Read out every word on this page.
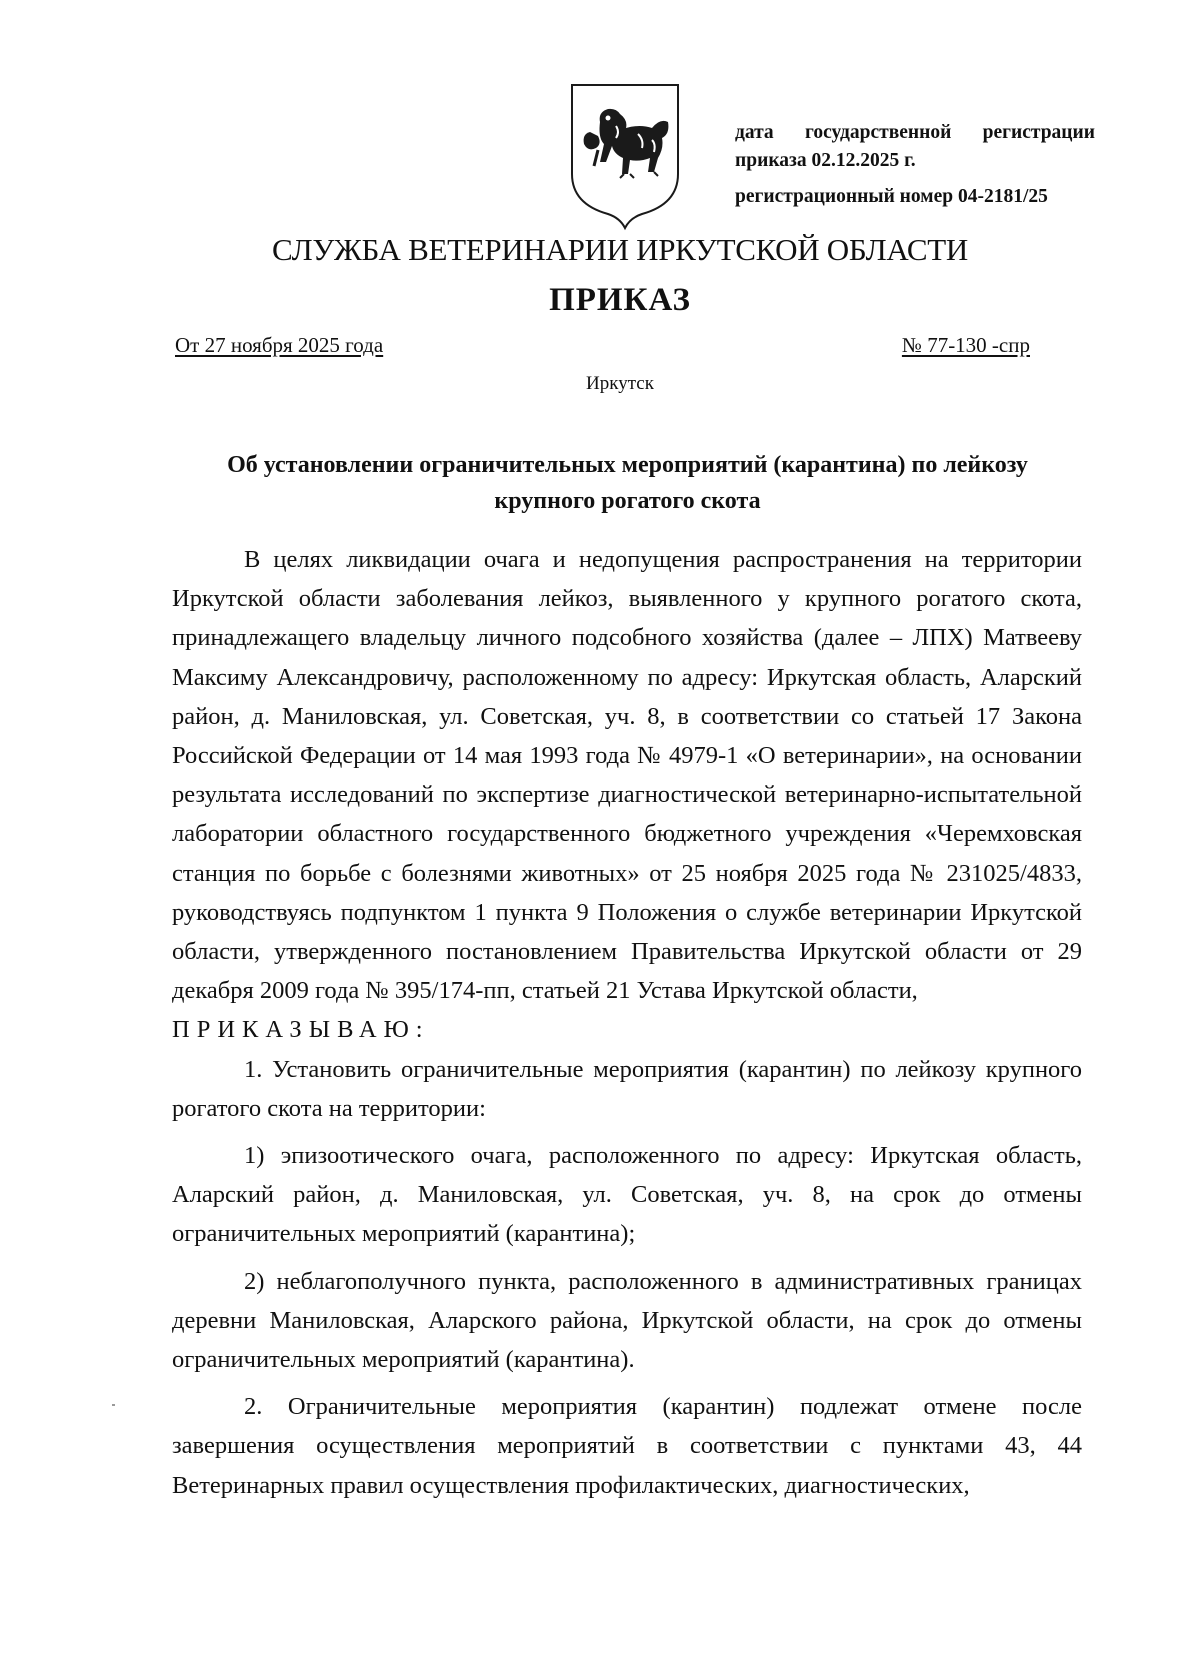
дата государственной регистрации
приказа 02.12.2025 г.
регистрационный номер 04-2181/25
СЛУЖБА ВЕТЕРИНАРИИ ИРКУТСКОЙ ОБЛАСТИ
ПРИКАЗ
От 27 ноября 2025 года	№ 77-130 -спр
Иркутск
Об установлении ограничительных мероприятий (карантина) по лейкозу крупного рогатого скота

В целях ликвидации очага и недопущения распространения на территории Иркутской области заболевания лейкоз, выявленного у крупного рогатого скота, принадлежащего владельцу личного подсобного хозяйства (далее – ЛПХ) Матвееву Максиму Александровичу, расположенному по адресу: Иркутская область, Аларский район, д. Маниловская, ул. Советская, уч. 8, в соответствии со статьей 17 Закона Российской Федерации от 14 мая 1993 года № 4979-1 «О ветеринарии», на основании результата исследований по экспертизе диагностической ветеринарно-испытательной лаборатории областного государственного бюджетного учреждения «Черемховская станция по борьбе с болезнями животных» от 25 ноября 2025 года № 231025/4833, руководствуясь подпунктом 1 пункта 9 Положения о службе ветеринарии Иркутской области, утвержденного постановлением Правительства Иркутской области от 29 декабря 2009 года № 395/174-пп, статьей 21 Устава Иркутской области,

ПРИКАЗЫВАЮ:

1. Установить ограничительные мероприятия (карантин) по лейкозу крупного рогатого скота на территории:

1) эпизоотического очага, расположенного по адресу: Иркутская область, Аларский район, д. Маниловская, ул. Советская, уч. 8, на срок до отмены ограничительных мероприятий (карантина);

2) неблагополучного пункта, расположенного в административных границах деревни Маниловская, Аларского района, Иркутской области, на срок до отмены ограничительных мероприятий (карантина).

2. Ограничительные мероприятия (карантин) подлежат отмене после завершения осуществления мероприятий в соответствии с пунктами 43, 44 Ветеринарных правил осуществления профилактических, диагностических,
